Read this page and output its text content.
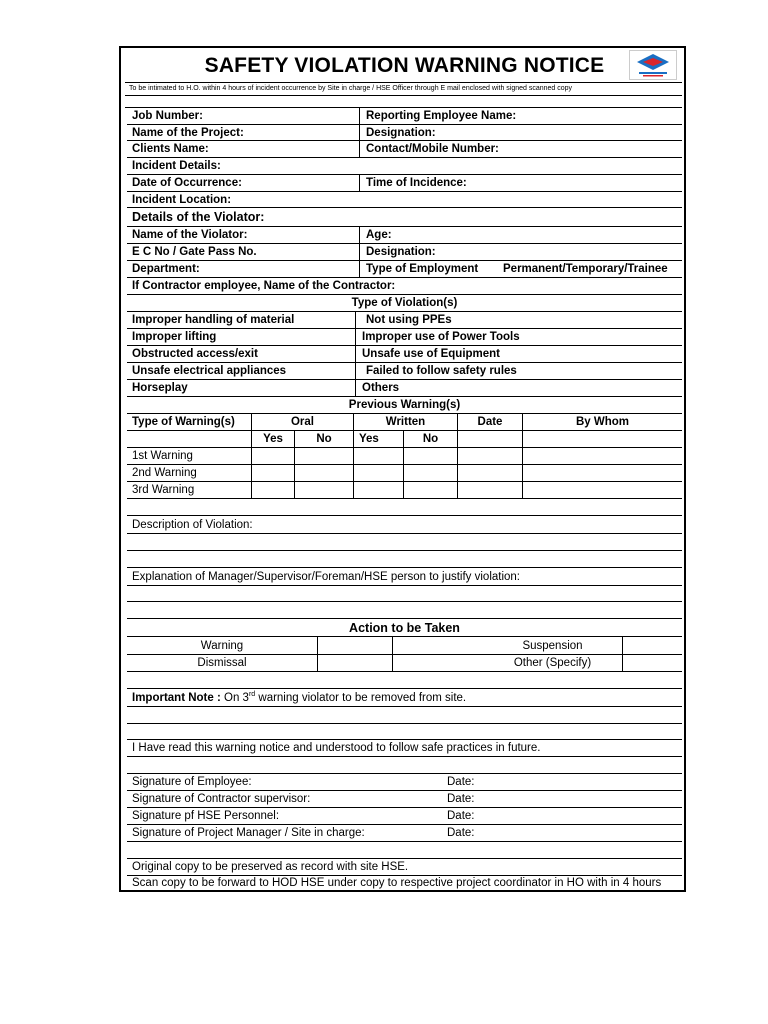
SAFETY VIOLATION WARNING NOTICE
To be intimated to H.O. within 4 hours of incident occurrence by Site in charge / HSE Officer through E mail enclosed with signed scanned copy
Job Number:	Reporting Employee Name:
Name of the Project:	Designation:
Clients Name:	Contact/Mobile Number:
Incident Details:
Date of Occurrence:	Time of Incidence:
Incident Location:
Details of the Violator:
Name of the Violator:	Age:
E C No / Gate Pass No.	Designation:
Department:	Type of Employment	Permanent/Temporary/Trainee
If Contractor employee, Name of the Contractor:
Type of Violation(s)
Improper handling of material	Not using PPEs
Improper lifting	Improper use of Power Tools
Obstructed access/exit	Unsafe use of Equipment
Unsafe electrical appliances	Failed to follow safety rules
Horseplay	Others
Previous Warning(s)
Type of Warning(s)	Oral	Written	Date	By Whom
Yes	No	Yes	No
1st Warning
2nd Warning
3rd Warning
Description of Violation:
Explanation of Manager/Supervisor/Foreman/HSE person to justify violation:
Action to be Taken
Warning	Suspension
Dismissal	Other (Specify)
Important Note : On 3rd warning violator to be removed from site.
I Have read this warning notice and understood to follow safe practices in future.
Signature of Employee:	Date:
Signature of Contractor supervisor:	Date:
Signature pf HSE Personnel:	Date:
Signature of Project Manager / Site in charge:	Date:
Original copy to be preserved as record with site HSE.
Scan copy to be forward to HOD HSE under copy to respective project coordinator in HO with in 4 hours
